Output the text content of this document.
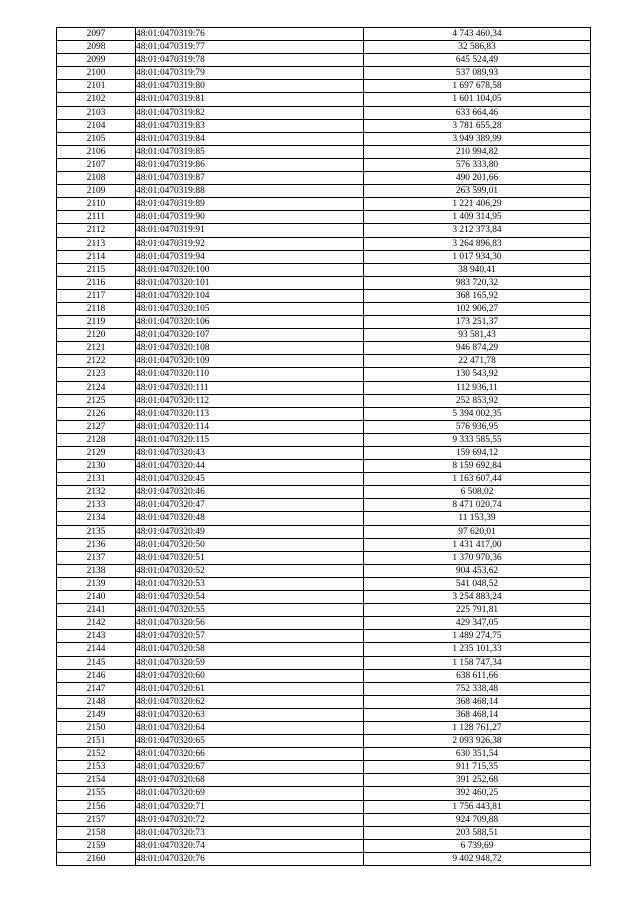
2097	48:01:0470319:76	4 743 460,34
2098	48:01:0470319:77	32 586,83
2099	48:01:0470319:78	645 524,49
2100	48:01:0470319:79	537 089,93
2101	48:01:0470319:80	1 697 678,58
2102	48:01:0470319:81	1 601 104,05
2103	48:01:0470319:82	633 664,46
2104	48:01:0470319:83	3 781 655,28
2105	48:01:0470319:84	3 949 389,99
2106	48:01:0470319:85	210 994,82
2107	48:01:0470319:86	576 333,80
2108	48:01:0470319:87	490 201,66
2109	48:01:0470319:88	263 599,01
2110	48:01:0470319:89	1 221 406,29
2111	48:01:0470319:90	1 409 314,95
2112	48:01:0470319:91	3 212 373,84
2113	48:01:0470319:92	3 264 896,83
2114	48:01:0470319:94	1 017 934,30
2115	48:01:0470320:100	38 940,41
2116	48:01:0470320:101	983 720,32
2117	48:01:0470320:104	368 165,92
2118	48:01:0470320:105	102 906,27
2119	48:01:0470320:106	173 251,37
2120	48:01:0470320:107	93 581,43
2121	48:01:0470320:108	946 874,29
2122	48:01:0470320:109	22 471,78
2123	48:01:0470320:110	130 543,92
2124	48:01:0470320:111	112 936,11
2125	48:01:0470320:112	252 853,92
2126	48:01:0470320:113	5 394 002,35
2127	48:01:0470320:114	576 936,95
2128	48:01:0470320:115	9 333 585,55
2129	48:01:0470320:43	159 694,12
2130	48:01:0470320:44	8 159 692,84
2131	48:01:0470320:45	1 163 607,44
2132	48:01:0470320:46	6 508,02
2133	48:01:0470320:47	8 471 020,74
2134	48:01:0470320:48	11 153,39
2135	48:01:0470320:49	97 620,01
2136	48:01:0470320:50	1 431 417,00
2137	48:01:0470320:51	1 370 970,36
2138	48:01:0470320:52	904 453,62
2139	48:01:0470320:53	541 048,52
2140	48:01:0470320:54	3 254 883,24
2141	48:01:0470320:55	225 791,81
2142	48:01:0470320:56	429 347,05
2143	48:01:0470320:57	1 489 274,75
2144	48:01:0470320:58	1 235 101,33
2145	48:01:0470320:59	1 158 747,34
2146	48:01:0470320:60	638 611,66
2147	48:01:0470320:61	752 338,48
2148	48:01:0470320:62	368 468,14
2149	48:01:0470320:63	368 468,14
2150	48:01:0470320:64	1 128 761,27
2151	48:01:0470320:65	2 093 926,38
2152	48:01:0470320:66	630 351,54
2153	48:01:0470320:67	911 715,35
2154	48:01:0470320:68	391 252,68
2155	48:01:0470320:69	392 460,25
2156	48:01:0470320:71	1 756 443,81
2157	48:01:0470320:72	924 709,88
2158	48:01:0470320:73	203 588,51
2159	48:01:0470320:74	6 739,69
2160	48:01:0470320:76	9 402 948,72
